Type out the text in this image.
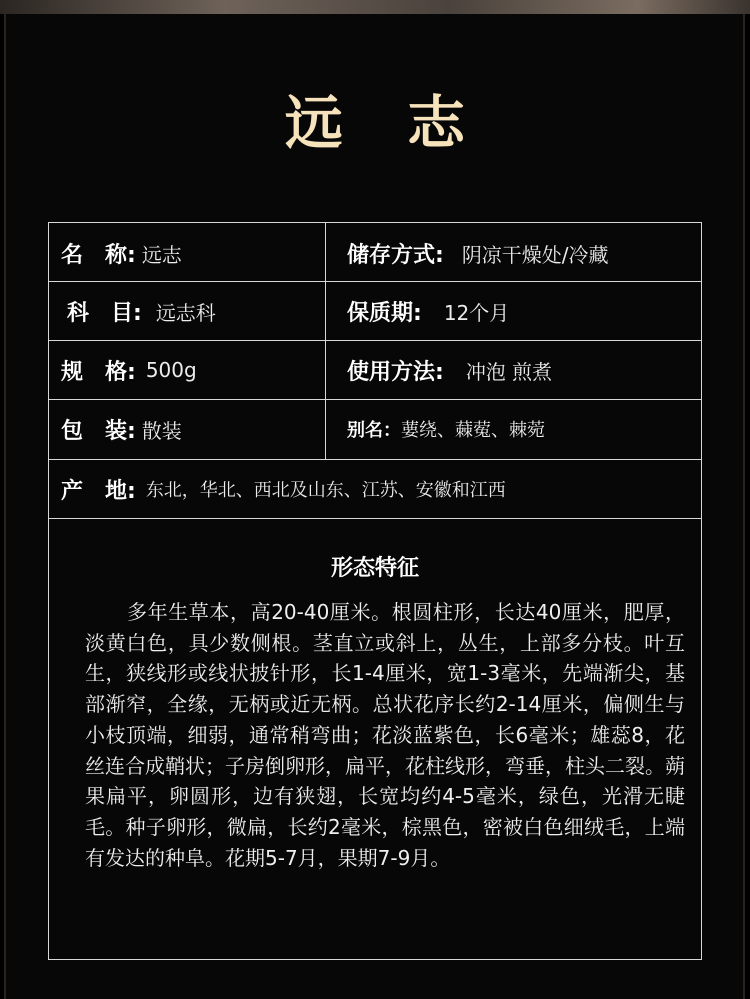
远 志
名　称: 远志	储存方式: 阴凉干燥处/冷藏
科　目: 远志科	保质期: 12个月
规　格: 500g	使用方法: 冲泡 煎煮
包　装: 散装	别名： 葽绕、蕀蒬、棘菀
产　地: 东北，华北、西北及山东、江苏、安徽和江西
形态特征

多年生草本，高20-40厘米。根圆柱形，长达40厘米，肥厚，淡黄白色，具少数侧根。茎直立或斜上，丛生，上部多分枝。叶互生，狭线形或线状披针形，长1-4厘米，宽1-3毫米，先端渐尖，基部渐窄，全缘，无柄或近无柄。总状花序长约2-14厘米，偏侧生与小枝顶端，细弱，通常稍弯曲；花淡蓝紫色，长6毫米；雄蕊8，花丝连合成鞘状；子房倒卵形，扁平，花柱线形，弯垂，柱头二裂。蒴果扁平，卵圆形，边有狭翅，长宽均约4-5毫米，绿色，光滑无睫毛。种子卵形，微扁，长约2毫米，棕黑色，密被白色细绒毛，上端有发达的种阜。花期5-7月，果期7-9月。
